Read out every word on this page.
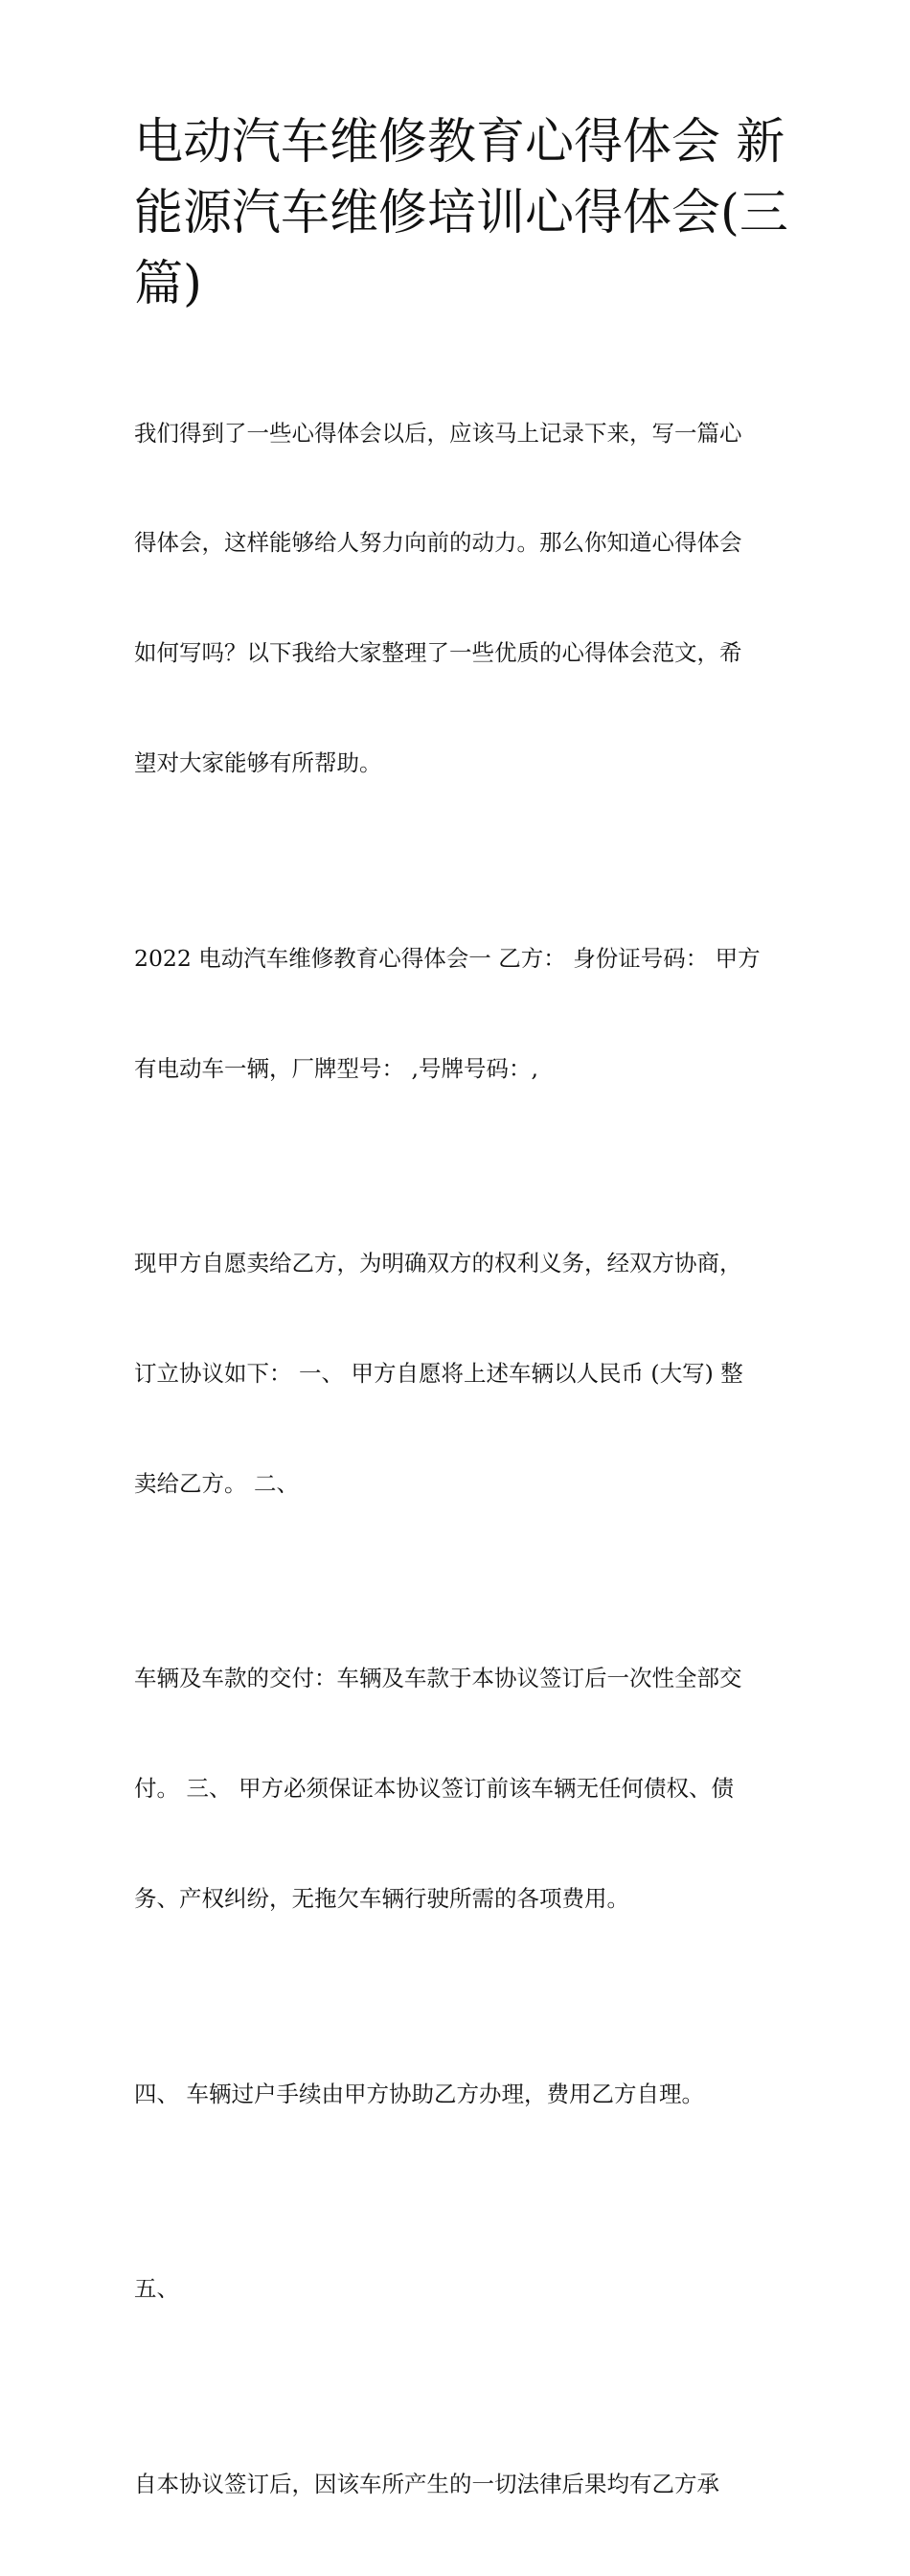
电动汽车维修教育心得体会 新
能源汽车维修培训心得体会(三
篇)

我们得到了一些心得体会以后，应该马上记录下来，写一篇心

得体会，这样能够给人努力向前的动力。那么你知道心得体会

如何写吗？以下我给大家整理了一些优质的心得体会范文，希

望对大家能够有所帮助。

2022 电动汽车维修教育心得体会一 乙方： 身份证号码： 甲方

有电动车一辆，厂牌型号： ,号牌号码：,

现甲方自愿卖给乙方，为明确双方的权利义务，经双方协商，

订立协议如下： 一、 甲方自愿将上述车辆以人民币 (大写) 整

卖给乙方。 二、

车辆及车款的交付：车辆及车款于本协议签订后一次性全部交

付。 三、 甲方必须保证本协议签订前该车辆无任何债权、债

务、产权纠纷，无拖欠车辆行驶所需的各项费用。

四、 车辆过户手续由甲方协助乙方办理，费用乙方自理。

五、

自本协议签订后，因该车所产生的一切法律后果均有乙方承
